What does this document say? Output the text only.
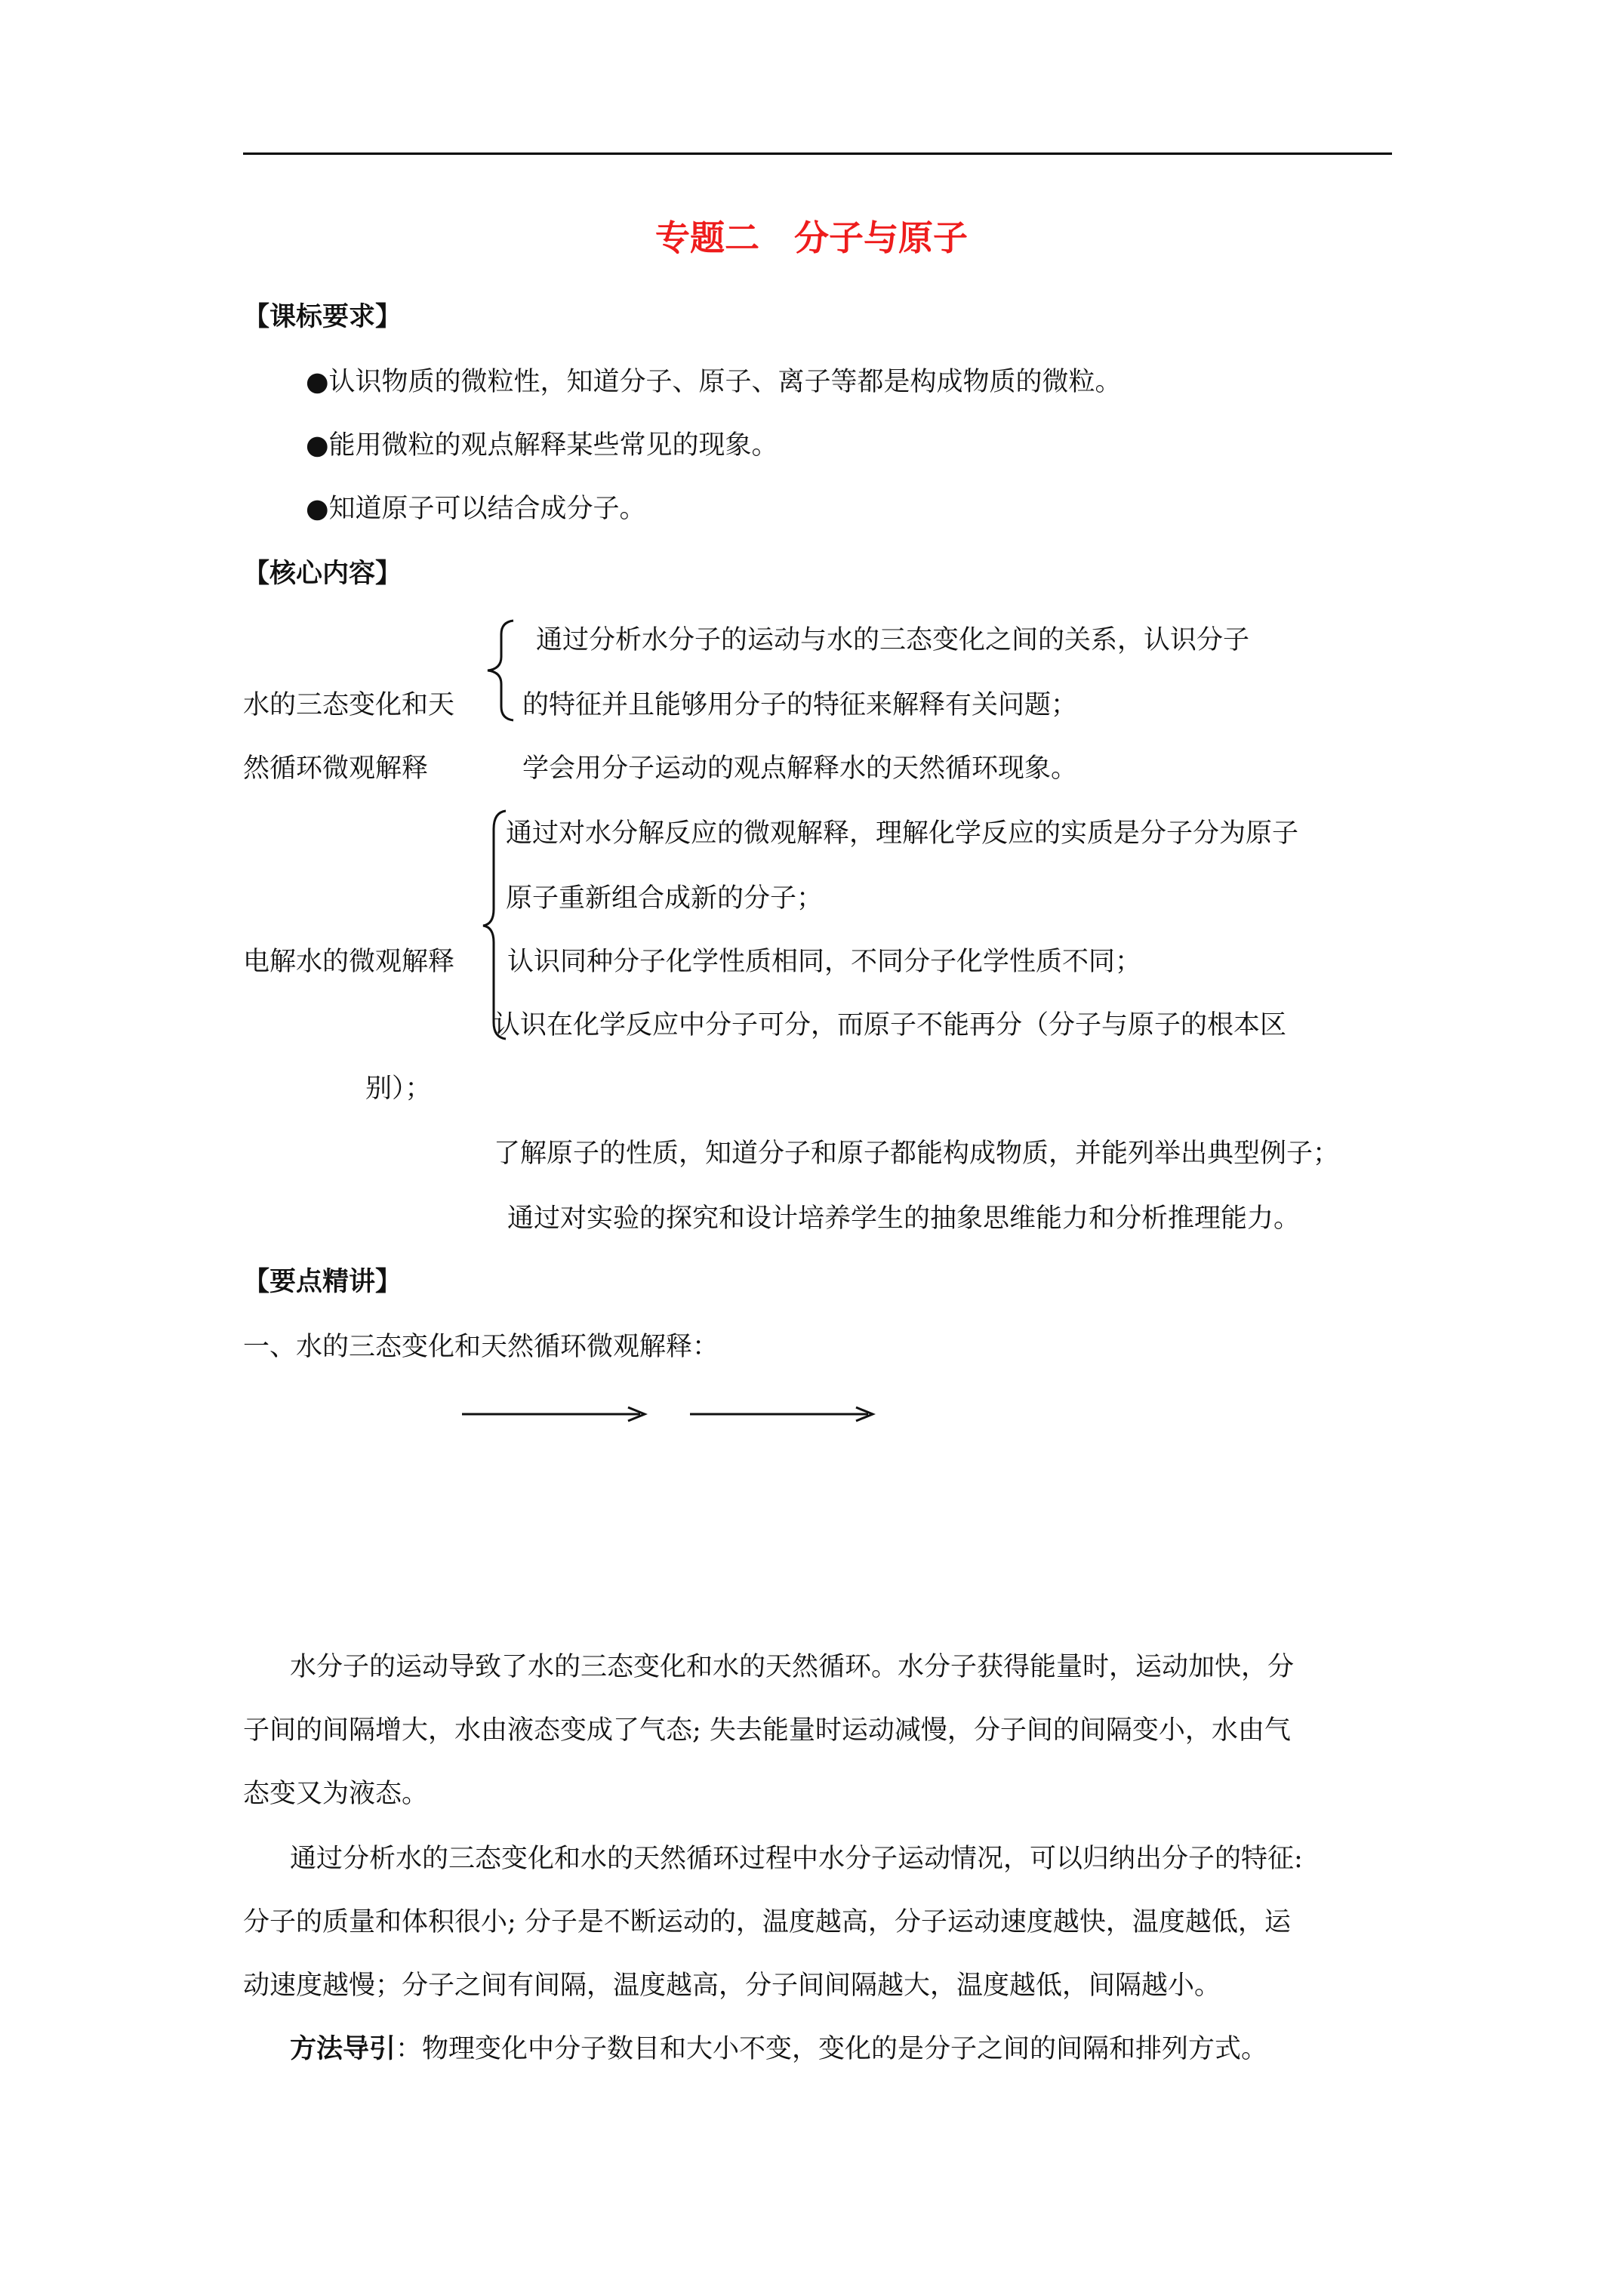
专题二　分子与原子
【课标要求】
●认识物质的微粒性，知道分子、原子、离子等都是构成物质的微粒。
●能用微粒的观点解释某些常见的现象。
●知道原子可以结合成分子。
【核心内容】
通过分析水分子的运动与水的三态变化之间的关系，认识分子
水的三态变化和天	的特征并且能够用分子的特征来解释有关问题；
然循环微观解释	学会用分子运动的观点解释水的天然循环现象。
通过对水分解反应的微观解释，理解化学反应的实质是分子分为原子
原子重新组合成新的分子；
电解水的微观解释 认识同种分子化学性质相同，不同分子化学性质不同；
认识在化学反应中分子可分，而原子不能再分（分子与原子的根本区
别）；
了解原子的性质，知道分子和原子都能构成物质，并能列举出典型例子；
通过对实验的探究和设计培养学生的抽象思维能力和分析推理能力。
【要点精讲】
一、水的三态变化和天然循环微观解释：
水分子的运动导致了水的三态变化和水的天然循环。水分子获得能量时，运动加快，分
子间的间隔增大，水由液态变成了气态; 失去能量时运动减慢，分子间的间隔变小，水由气
态变又为液态。
通过分析水的三态变化和水的天然循环过程中水分子运动情况，可以归纳出分子的特征:
分子的质量和体积很小; 分子是不断运动的，温度越高，分子运动速度越快，温度越低，运
动速度越慢；分子之间有间隔，温度越高，分子间间隔越大，温度越低，间隔越小。
方法导引：物理变化中分子数目和大小不变，变化的是分子之间的间隔和排列方式。
